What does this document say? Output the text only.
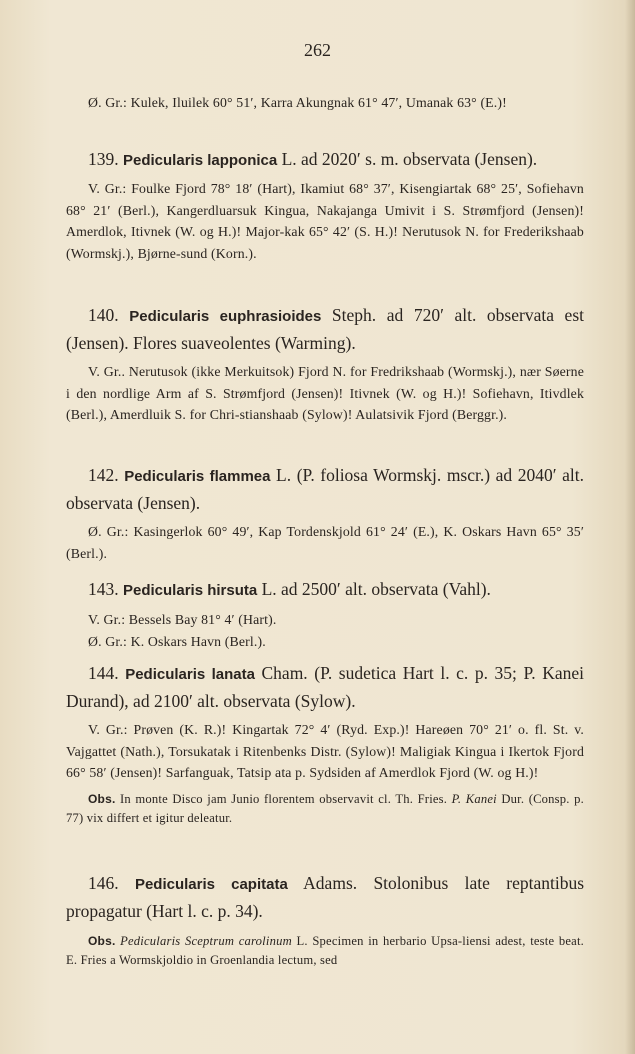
262

Ø. Gr.: Kulek, Iluilek 60° 51′, Karra Akungnak 61° 47′, Umanak 63° (E.)!

139. Pedicularis lapponica L. ad 2020′ s. m. observata (Jensen).

V. Gr.: Foulke Fjord 78° 18′ (Hart), Ikamiut 68° 37′, Kisengiartak 68° 25′, Sofiehavn 68° 21′ (Berl.), Kangerdluarsuk Kingua, Nakajanga Umivit i S. Strømfjord (Jensen)! Amerdlok, Itivnek (W. og H.)! Major-kak 65° 42′ (S. H.)! Nerutusok N. for Frederikshaab (Wormskj.), Bjørne-sund (Korn.).

140. Pedicularis euphrasioides Steph. ad 720′ alt. observata est (Jensen). Flores suaveolentes (Warming).

V. Gr.. Nerutusok (ikke Merkuitsok) Fjord N. for Fredrikshaab (Wormskj.), nær Søerne i den nordlige Arm af S. Strømfjord (Jensen)! Itivnek (W. og H.)! Sofiehavn, Itivdlek (Berl.), Amerdluik S. for Chri-stianshaab (Sylow)! Aulatsivik Fjord (Berggr.).

142. Pedicularis flammea L. (P. foliosa Wormskj. mscr.) ad 2040′ alt. observata (Jensen).

Ø. Gr.: Kasingerlok 60° 49′, Kap Tordenskjold 61° 24′ (E.), K. Oskars Havn 65° 35′ (Berl.).

143. Pedicularis hirsuta L. ad 2500′ alt. observata (Vahl).

V. Gr.: Bessels Bay 81° 4′ (Hart).

Ø. Gr.: K. Oskars Havn (Berl.).

144. Pedicularis lanata Cham. (P. sudetica Hart l. c. p. 35; P. Kanei Durand), ad 2100′ alt. observata (Sylow).

V. Gr.: Prøven (K. R.)! Kingartak 72° 4′ (Ryd. Exp.)! Hareøen 70° 21′ o. fl. St. v. Vajgattet (Nath.), Torsukatak i Ritenbenks Distr. (Sylow)! Maligiak Kingua i Ikertok Fjord 66° 58′ (Jensen)! Sarfanguak, Tatsip ata p. Sydsiden af Amerdlok Fjord (W. og H.)!

Obs. In monte Disco jam Junio florentem observavit cl. Th. Fries. P. Kanei Dur. (Consp. p. 77) vix differt et igitur deleatur.

146. Pedicularis capitata Adams. Stolonibus late reptantibus propagatur (Hart l. c. p. 34).

Obs. Pedicularis Sceptrum carolinum L. Specimen in herbario Upsa-liensi adest, teste beat. E. Fries a Wormskjoldio in Groenlandia lectum, sed
